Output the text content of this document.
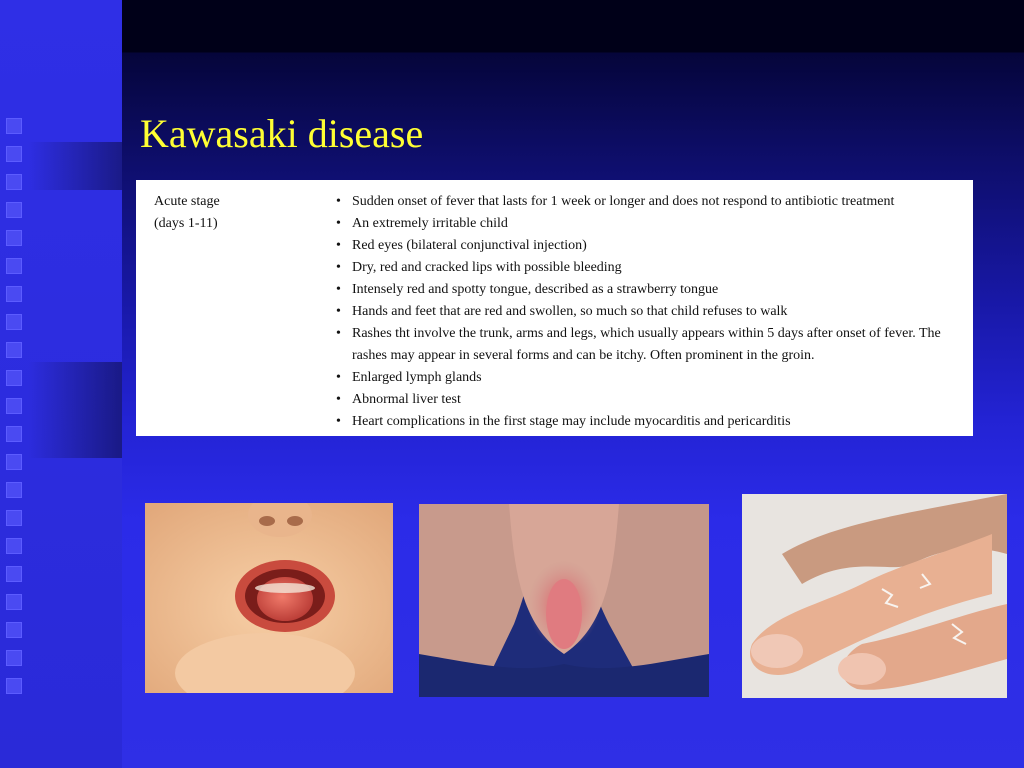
Kawasaki disease
Acute stage
(days 1-11)
• Sudden onset of fever that lasts for 1 week or longer and does not respond to antibiotic treatment
• An extremely irritable child
• Red eyes (bilateral conjunctival injection)
• Dry, red and cracked lips with possible bleeding
• Intensely red and spotty tongue, described as a strawberry tongue
• Hands and feet that are red and swollen, so much so that child refuses to walk
• Rashes tht involve the trunk, arms and legs, which usually appears within 5 days after onset of fever. The rashes may appear in several forms and can be itchy. Often prominent in the groin.
• Enlarged lymph glands
• Abnormal liver test
• Heart complications in the first stage may include myocarditis and pericarditis
